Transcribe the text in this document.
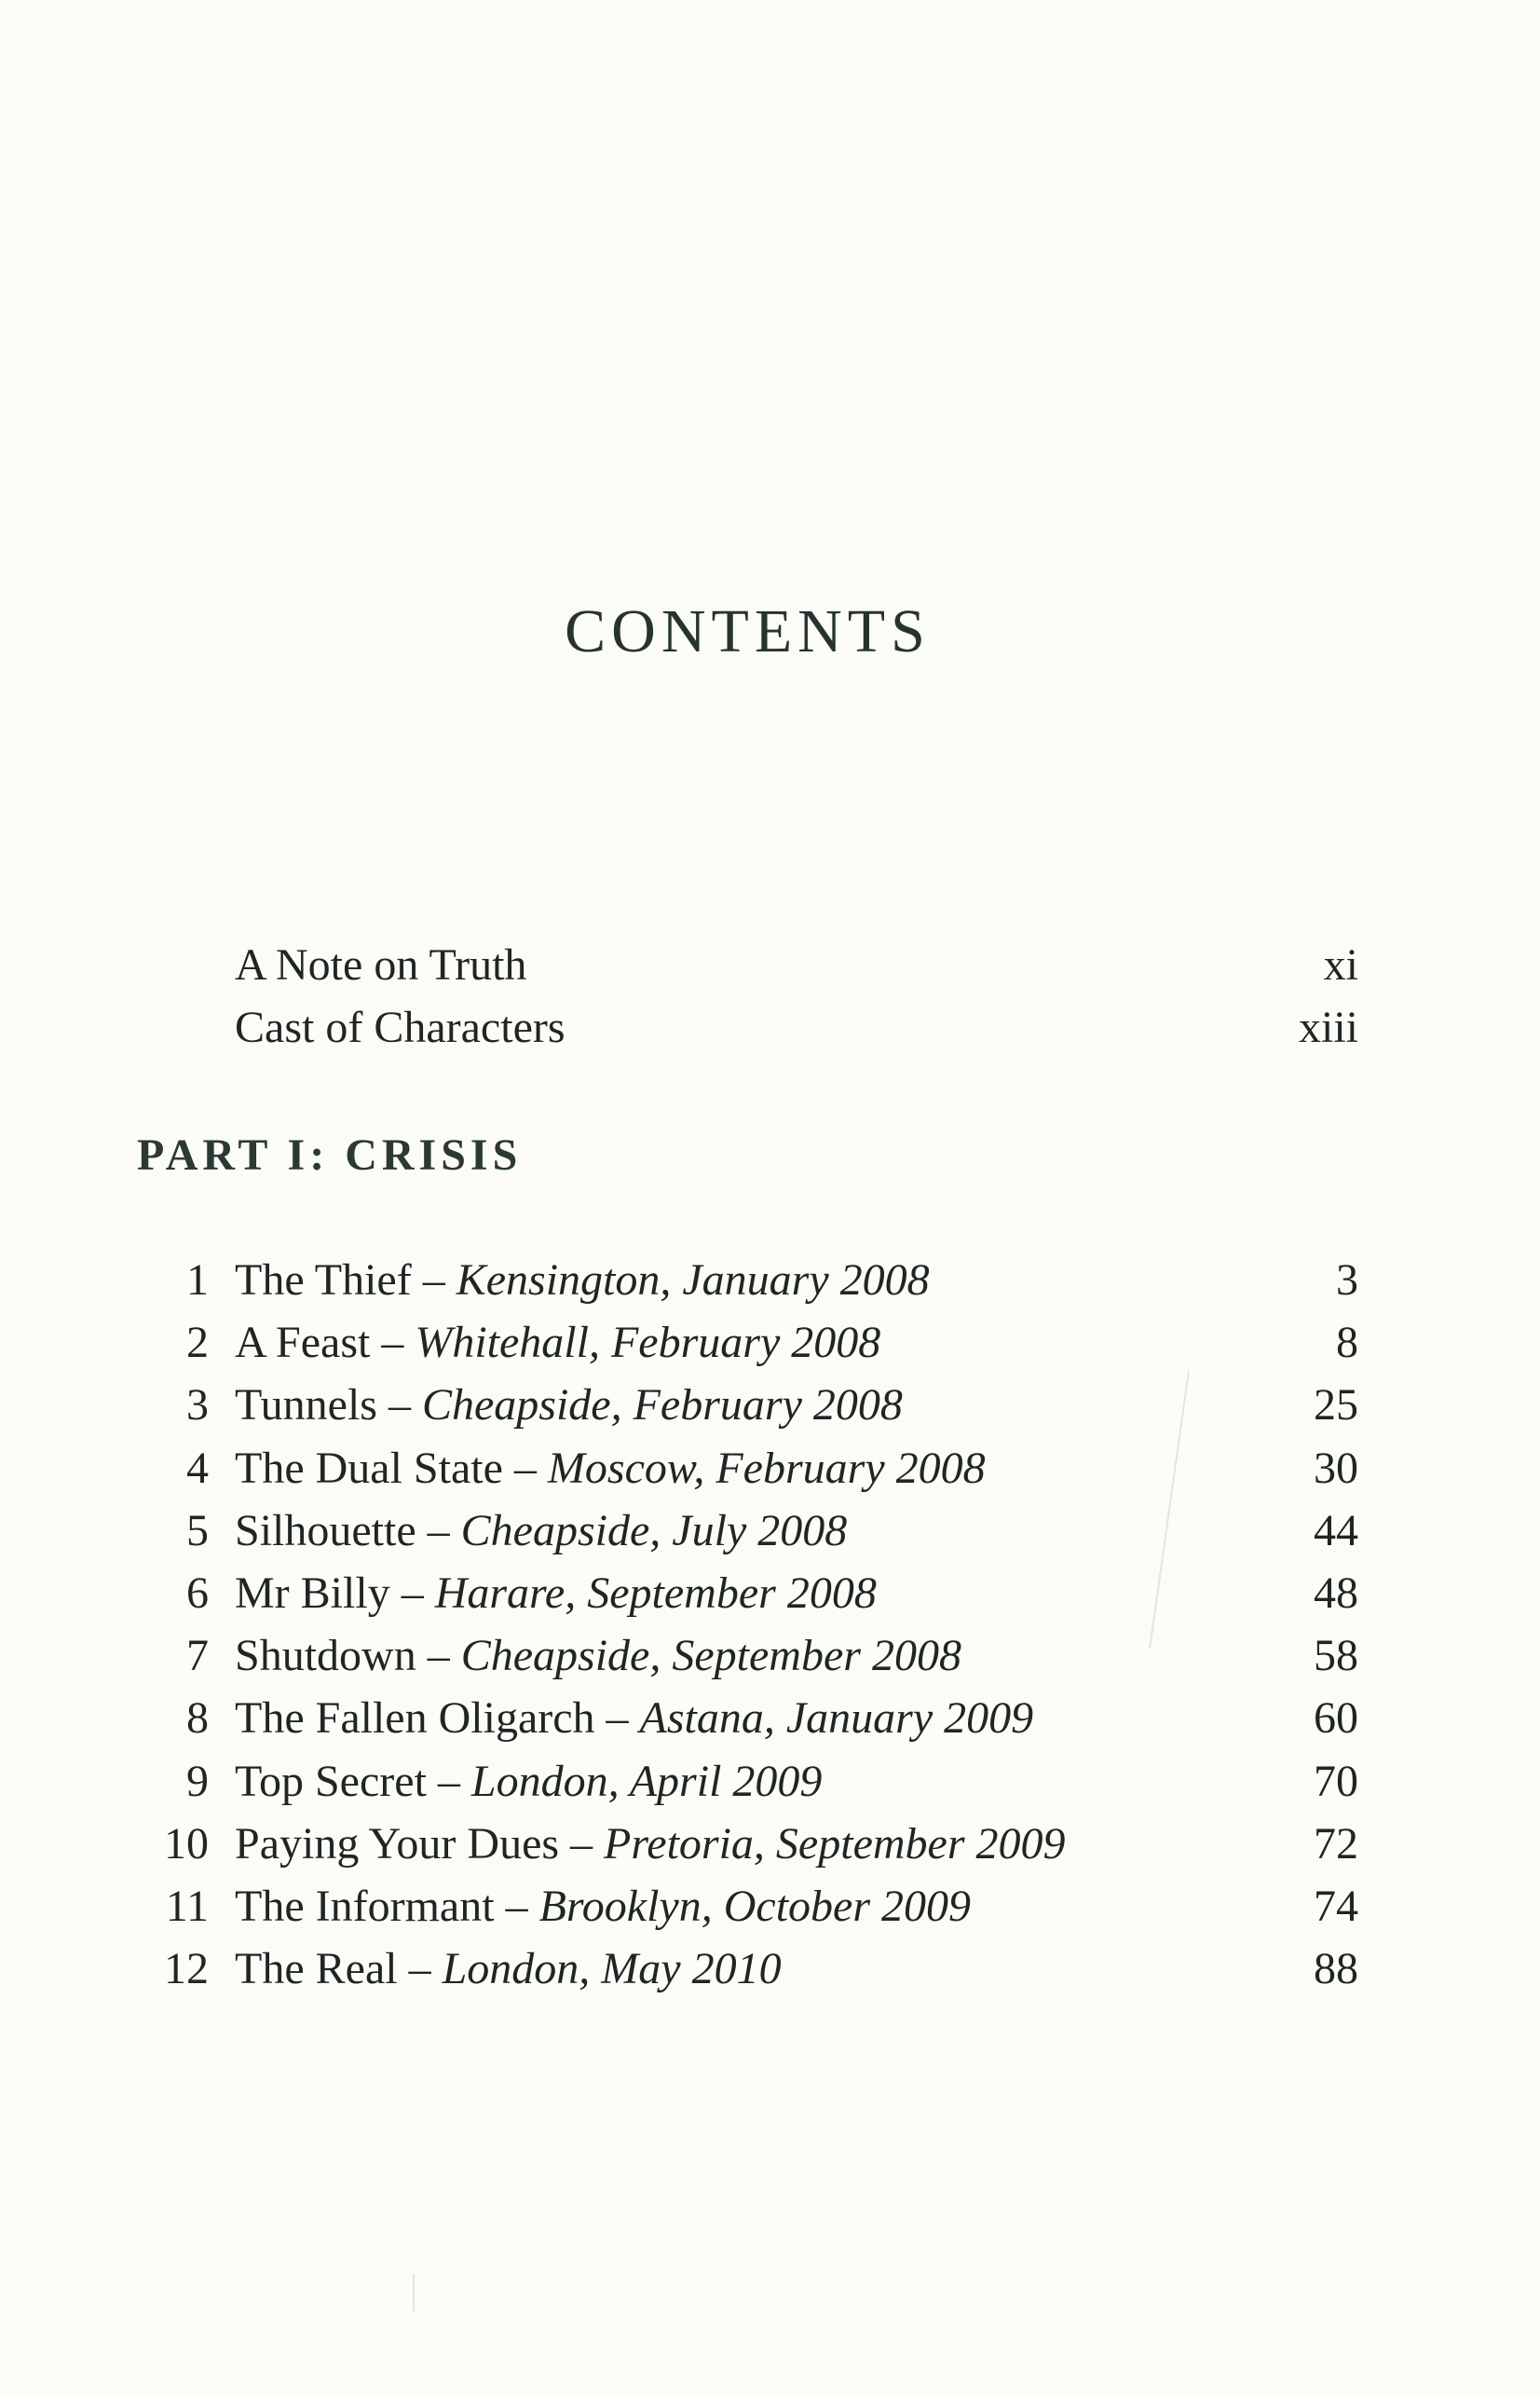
CONTENTS
A Note on Truth	xi
Cast of Characters	xiii
PART I: CRISIS
1 The Thief – Kensington, January 2008	3
2 A Feast – Whitehall, February 2008	8
3 Tunnels – Cheapside, February 2008	25
4 The Dual State – Moscow, February 2008	30
5 Silhouette – Cheapside, July 2008	44
6 Mr Billy – Harare, September 2008	48
7 Shutdown – Cheapside, September 2008	58
8 The Fallen Oligarch – Astana, January 2009	60
9 Top Secret – London, April 2009	70
10 Paying Your Dues – Pretoria, September 2009	72
11 The Informant – Brooklyn, October 2009	74
12 The Real – London, May 2010	88
